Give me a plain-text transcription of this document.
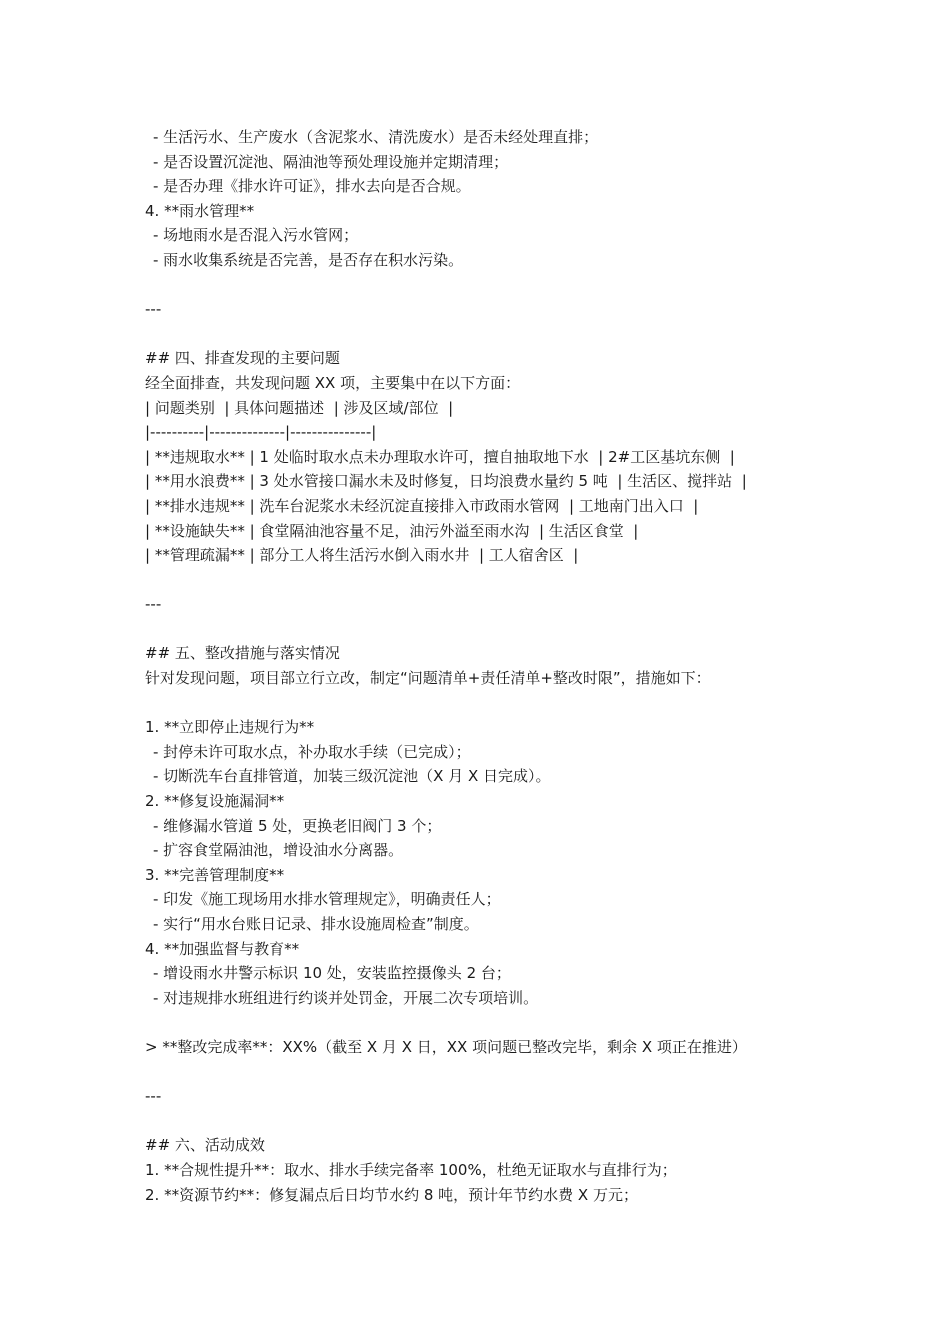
- 生活污水、生产废水（含泥浆水、清洗废水）是否未经处理直排；
- 是否设置沉淀池、隔油池等预处理设施并定期清理；
- 是否办理《排水许可证》，排水去向是否合规。
4. **雨水管理**
- 场地雨水是否混入污水管网；
- 雨水收集系统是否完善，是否存在积水污染。
---
## 四、排查发现的主要问题
经全面排查，共发现问题 XX 项，主要集中在以下方面：
| 问题类别  | 具体问题描述  | 涉及区域/部位  |
|----------|--------------|---------------|
| **违规取水** | 1 处临时取水点未办理取水许可，擅自抽取地下水  | 2#工区基坑东侧  |
| **用水浪费** | 3 处水管接口漏水未及时修复，日均浪费水量约 5 吨  | 生活区、搅拌站  |
| **排水违规** | 洗车台泥浆水未经沉淀直接排入市政雨水管网  | 工地南门出入口  |
| **设施缺失** | 食堂隔油池容量不足，油污外溢至雨水沟  | 生活区食堂  |
| **管理疏漏** | 部分工人将生活污水倒入雨水井  | 工人宿舍区  |
---
## 五、整改措施与落实情况
针对发现问题，项目部立行立改，制定“问题清单+责任清单+整改时限”，措施如下：
1. **立即停止违规行为**
- 封停未许可取水点，补办取水手续（已完成）；
- 切断洗车台直排管道，加装三级沉淀池（X 月 X 日完成）。
2. **修复设施漏洞**
- 维修漏水管道 5 处，更换老旧阀门 3 个；
- 扩容食堂隔油池，增设油水分离器。
3. **完善管理制度**
- 印发《施工现场用水排水管理规定》，明确责任人；
- 实行“用水台账日记录、排水设施周检查”制度。
4. **加强监督与教育**
- 增设雨水井警示标识 10 处，安装监控摄像头 2 台；
- 对违规排水班组进行约谈并处罚金，开展二次专项培训。
> **整改完成率**：XX%（截至 X 月 X 日，XX 项问题已整改完毕，剩余 X 项正在推进）
---
## 六、活动成效
1. **合规性提升**：取水、排水手续完备率 100%，杜绝无证取水与直排行为；
2. **资源节约**：修复漏点后日均节水约 8 吨，预计年节约水费 X 万元；
